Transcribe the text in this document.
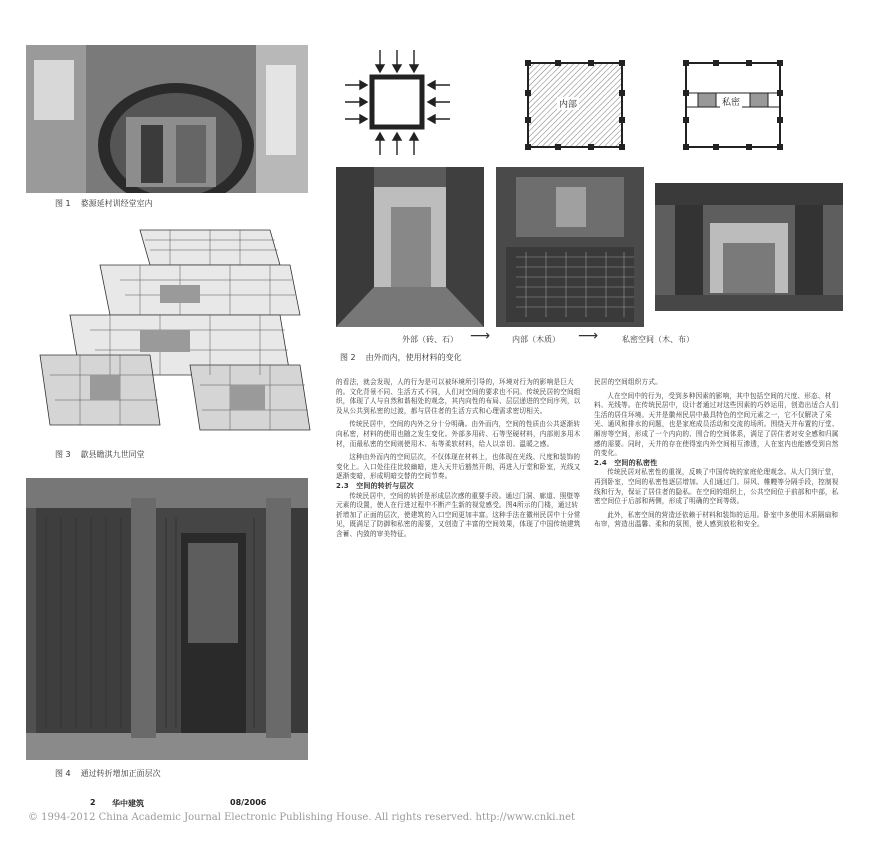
图 1 婺源延村训经堂室内
图 3 歙县瞻淇九世同堂
图 4 通过转折增加正面层次
内部	私密
外部（砖、石） ⟶	内部（木质） ⟶	私密空间（木、布）
图 2 由外而内，使用材料的变化

的看法，就会发现，人的行为是可以被环境所引导的，环境对行为的影响是巨大的。文化背景不同、生活方式不同，人们对空间的要求也不同。传统民居的空间组织，体现了人与自然和谐相处的观念，其内向性的布局、层层递进的空间序列，以及从公共到私密的过渡，都与居住者的生活方式和心理需求密切相关。

传统民居中，空间的内外之分十分明确。由外而内，空间的性质由公共逐渐转向私密，材料的使用也随之发生变化。外部多用砖、石等坚硬材料，内部则多用木材，而最私密的空间则使用木、布等柔软材料，给人以亲切、温暖之感。

这种由外而内的空间层次，不仅体现在材料上，也体现在光线、尺度和装饰的变化上。入口处往往比较幽暗，进入天井后豁然开朗，再进入厅堂和卧室，光线又逐渐变暗，形成明暗交替的空间节奏。

2.3　空间的转折与层次

传统民居中，空间的转折是形成层次感的重要手段。通过门洞、廊道、照壁等元素的设置，使人在行进过程中不断产生新的视觉感受。图4所示的门楼，通过转折增加了正面的层次，使建筑的入口空间更加丰富。这种手法在徽州民居中十分常见，既满足了防御和私密的需要，又创造了丰富的空间效果，体现了中国传统建筑含蓄、内敛的审美特征。

民居的空间组织方式。

人在空间中的行为，受到多种因素的影响，其中包括空间的尺度、形态、材料、光线等。在传统民居中，设计者通过对这些因素的巧妙运用，创造出适合人们生活的居住环境。天井是徽州民居中最具特色的空间元素之一，它不仅解决了采光、通风和排水的问题，也是家庭成员活动和交流的场所。围绕天井布置的厅堂、厢房等空间，形成了一个内向的、围合的空间体系，满足了居住者对安全感和归属感的需要。同时，天井的存在使得室内外空间相互渗透，人在室内也能感受到自然的变化。

2.4　空间的私密性

传统民居对私密性的重视，反映了中国传统的家庭伦理观念。从大门到厅堂，再到卧室，空间的私密性逐层增加。人们通过门、屏风、帷幔等分隔手段，控制视线和行为，保证了居住者的隐私。在空间的组织上，公共空间位于前部和中部，私密空间位于后部和两侧，形成了明确的空间等级。

此外，私密空间的营造还依赖于材料和装饰的运用。卧室中多使用木质隔扇和布帘，营造出温馨、柔和的氛围，使人感到放松和安全。

2 华中建筑	08/2006
© 1994-2012 China Academic Journal Electronic Publishing House. All rights reserved. http://www.cnki.net
